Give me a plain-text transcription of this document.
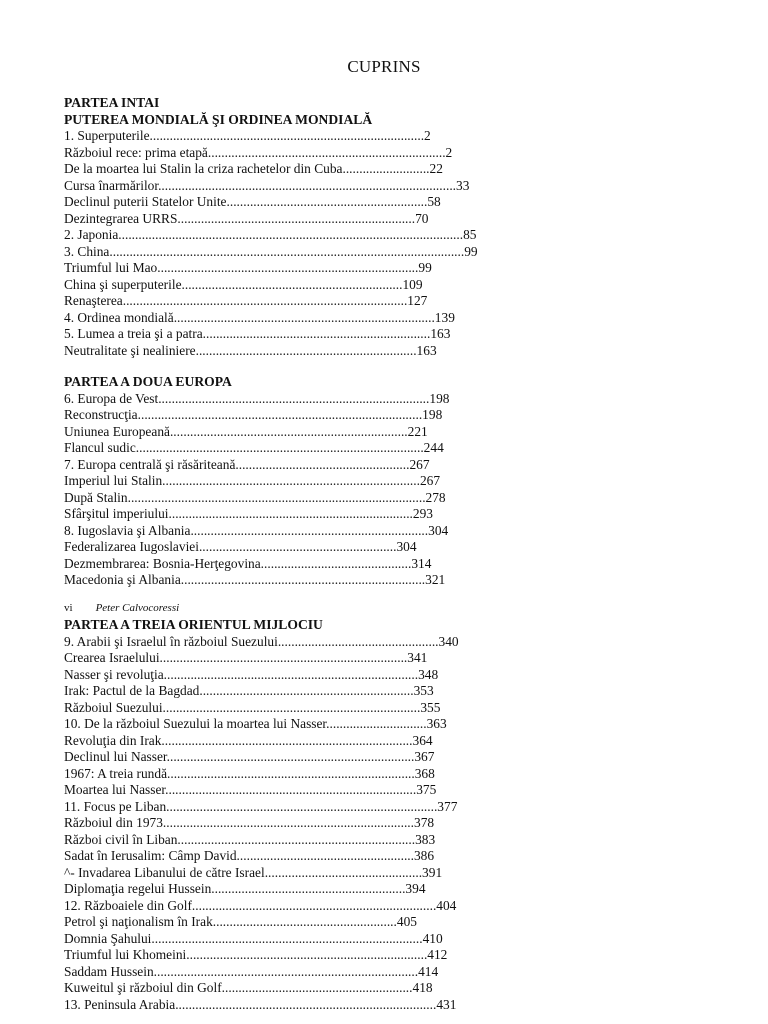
CUPRINS
PARTEA INTAI
PUTEREA MONDIALĂ ŞI ORDINEA MONDIALĂ
1. Superputerile..................................................................................2
Războiul rece: prima etapă.......................................................................2
De la moartea lui Stalin la criza rachetelor din Cuba..........................22
Cursa înarmărilor.........................................................................................33
Declinul puterii Statelor Unite............................................................58
Dezintegrarea URRS.......................................................................70
2. Japonia.......................................................................................................85
3. China..........................................................................................................99
Triumful lui Mao..............................................................................99
China şi superputerile..................................................................109
Renaşterea.....................................................................................127
4. Ordinea mondială..............................................................................139
5. Lumea a treia şi a patra....................................................................163
Neutralitate şi nealiniere..................................................................163
PARTEA A DOUA EUROPA
6. Europa de Vest.................................................................................198
Reconstrucţia.....................................................................................198
Uniunea Europeană.......................................................................221
Flancul sudic......................................................................................244
7. Europa centrală şi răsăriteană....................................................267
Imperiul lui Stalin.............................................................................267
După Stalin.........................................................................................278
Sfârşitul imperiului.........................................................................293
8. Iugoslavia şi Albania.......................................................................304
Federalizarea Iugoslaviei...........................................................304
Dezmembrarea: Bosnia-Herţegovina.............................................314
Macedonia şi Albania.........................................................................321
vi Peter Calvocoressi
PARTEA A TREIA ORIENTUL MIJLOCIU
9. Arabii şi Israelul în războiul Suezului................................................340
Crearea Israelului..........................................................................341
Nasser şi revoluţia............................................................................348
Irak: Pactul de la Bagdad................................................................353
Războiul Suezului.............................................................................355
10. De la războiul Suezului la moartea lui Nasser..............................363
Revoluţia din Irak...........................................................................364
Declinul lui Nasser..........................................................................367
1967: A treia rundă..........................................................................368
Moartea lui Nasser...........................................................................375
11. Focus pe Liban.................................................................................377
Războiul din 1973...........................................................................378
Război civil în Liban.......................................................................383
Sadat în Ierusalim: Câmp David.....................................................386
^- Invadarea Libanului de către Israel...............................................391
Diplomaţia regelui Hussein..........................................................394
12. Războaiele din Golf.........................................................................404
Petrol şi naţionalism în Irak.......................................................405
Domnia Şahului.................................................................................410
Triumful lui Khomeini........................................................................412
Saddam Hussein...............................................................................414
Kuweitul şi războiul din Golf.........................................................418
13. Peninsula Arabia..............................................................................431
